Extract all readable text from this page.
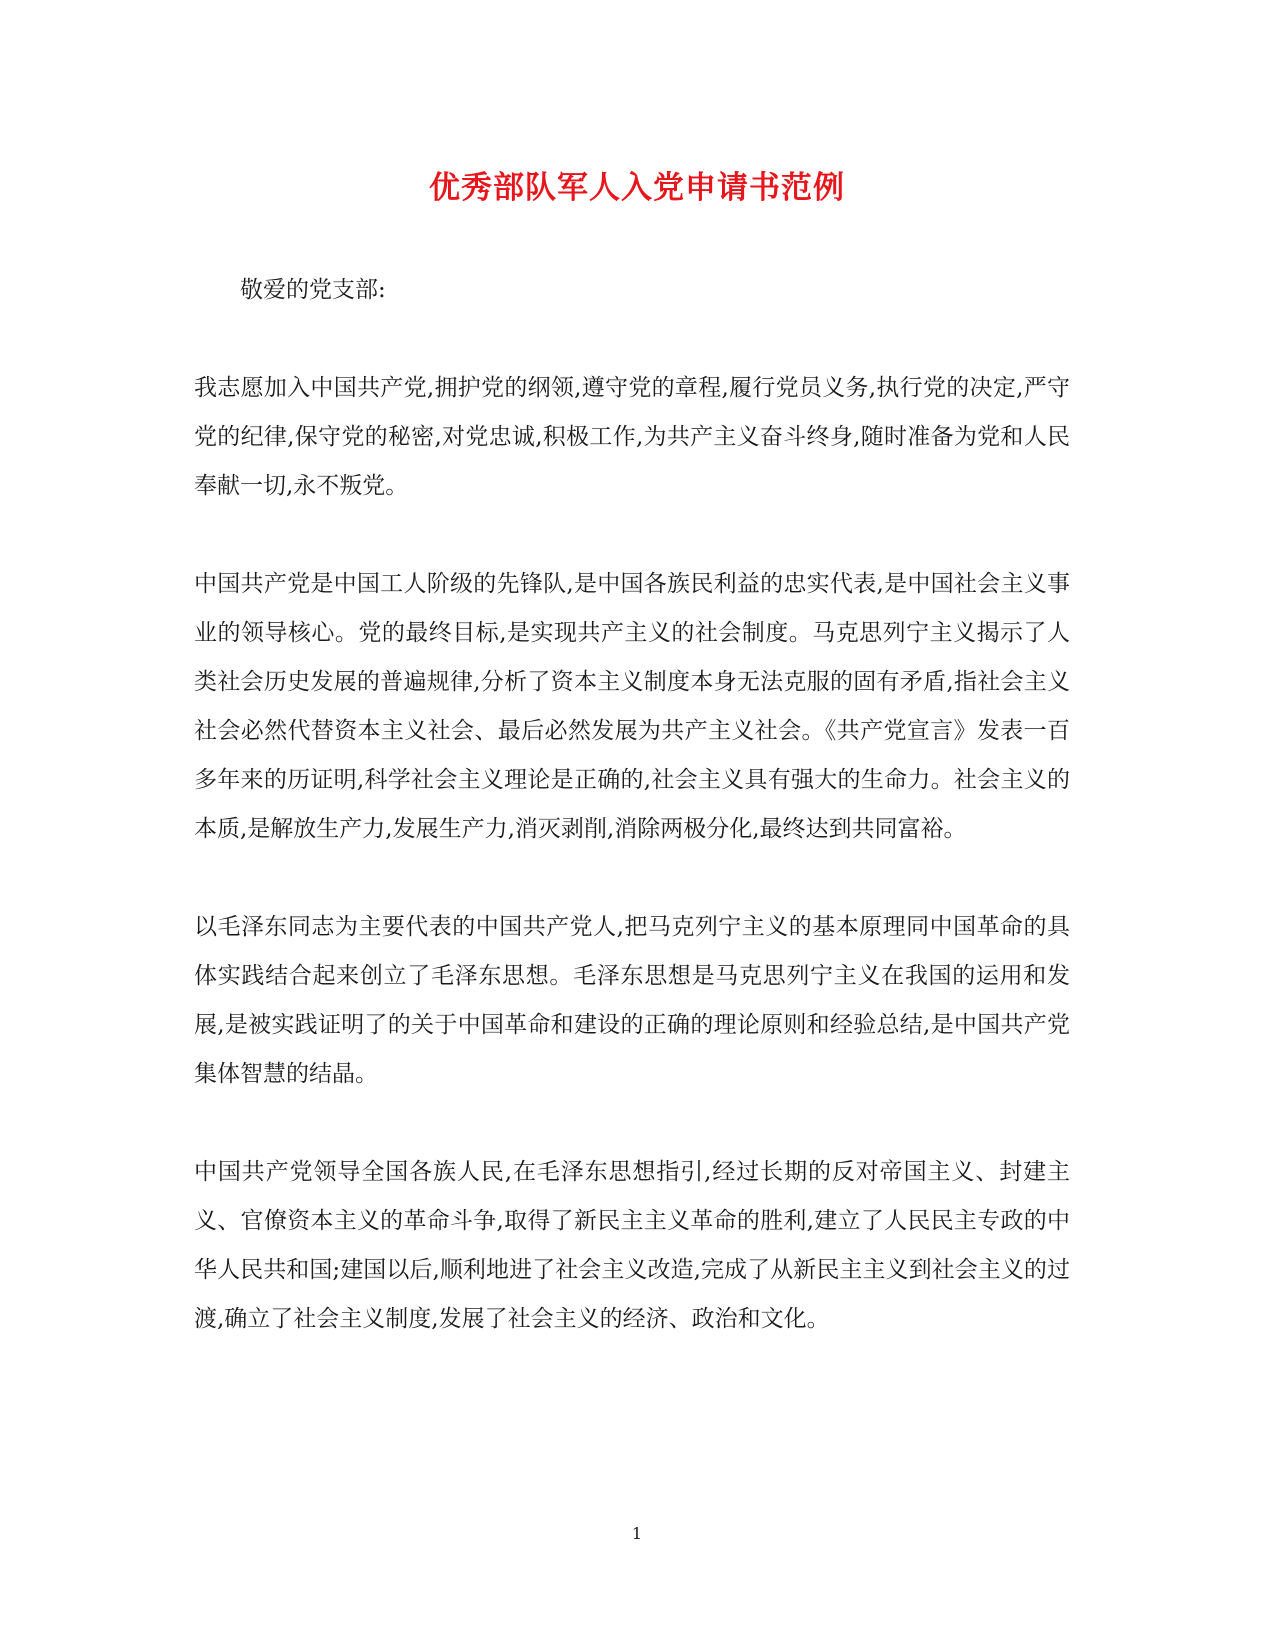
优秀部队军人入党申请书范例

敬爱的党支部:

我志愿加入中国共产党,拥护党的纲领,遵守党的章程,履行党员义务,执行党的决定,严守党的纪律,保守党的秘密,对党忠诚,积极工作,为共产主义奋斗终身,随时准备为党和人民奉献一切,永不叛党。

中国共产党是中国工人阶级的先锋队,是中国各族民利益的忠实代表,是中国社会主义事业的领导核心。党的最终目标,是实现共产主义的社会制度。马克思列宁主义揭示了人类社会历史发展的普遍规律,分析了资本主义制度本身无法克服的固有矛盾,指社会主义社会必然代替资本主义社会、最后必然发展为共产主义社会。《共产党宣言》发表一百多年来的历证明,科学社会主义理论是正确的,社会主义具有强大的生命力。社会主义的本质,是解放生产力,发展生产力,消灭剥削,消除两极分化,最终达到共同富裕。

以毛泽东同志为主要代表的中国共产党人,把马克列宁主义的基本原理同中国革命的具体实践结合起来创立了毛泽东思想。毛泽东思想是马克思列宁主义在我国的运用和发展,是被实践证明了的关于中国革命和建设的正确的理论原则和经验总结,是中国共产党集体智慧的结晶。

中国共产党领导全国各族人民,在毛泽东思想指引,经过长期的反对帝国主义、封建主义、官僚资本主义的革命斗争,取得了新民主主义革命的胜利,建立了人民民主专政的中华人民共和国;建国以后,顺利地进了社会主义改造,完成了从新民主主义到社会主义的过渡,确立了社会主义制度,发展了社会主义的经济、政治和文化。

1
